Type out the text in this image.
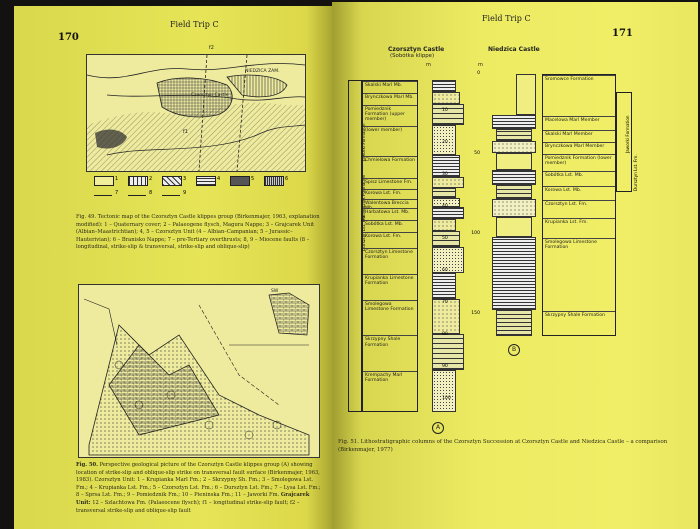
170
Field Trip C
NIEDZICA ZAM.
Czorsztyn Castle
f2
f1
1	2	3	4	5	6
7	8	9
Fig. 49. Tectonic map of the Czorsztyn Castle klippes group (Birkenmajer, 1963, explanation modified): 1 – Quaternary cover; 2 – Palaeogene flysch, Magura Nappe; 3 – Grajcarek Unit (Albian–Maastrichtian); 4, 5 – Czorsztyn Unit (4 – Albian–Campanian; 5 – Jurassic–Hauterivian); 6 – Branisko Nappe; 7 – pre-Tertiary overthrusts; 8, 9 – Miocene faults (8 – longitudinal, strike-slip & transversal, strike-slip and oblique-slip)
SW
Fig. 50. Perspective geological picture of the Czorsztyn Castle klippes group (A) showing location of strike-slip and oblique-slip strike on transversal fault surface (Birkenmajer, 1963, 1983). Czorsztyn Unit: 1 – Krupianka Marl Fm.; 2 – Skrzypny Sh. Fm.; 3 – Smolegowa Lst. Fm.; 4 – Krupianka Lst. Fm.; 5 – Czorsztyn Lst. Fm.; 6 – Dursztyn Lst. Fm.; 7 – Lysa Lst. Fm.; 8 – Sprsa Lst. Fm.; 9 – Pomiedznik Fm.; 10 – Pieninska Fm.; 11 – Jaworki Fm. Grajcarek Unit: 12 – Szlachtowa Fm. (Palaeocene flysch); f1 – longitudinal strike-slip fault; f2 – transversal strike-slip and oblique-slip fault
171
Field Trip C
Czorsztyn Castle
(Sobótka klippe)
Niedzica Castle
Jaworki Formation
Pomiedznik Formation
Dursztyn Lst. Fm.
Skalski Marl Mb.
Brynczkowa Marl Mb.
Pomiedznik Formation (upper member)
(lower member)
Chmielowa Formation
Spisz Limestone Fm.
Korowa Lst. Fm.
Walentowa Breccia Mb.
Harbatowa Lst. Mb.
Sobótka Lst. Mb.
Korowa Lst. Fm.
Czorsztyn Limestone Formation
Krupianka Limestone Formation
Smolegowa Limestone Formation
Skrzypny Shale Formation
Krempachy Marl Formation
10
20
30
40
50
60
70
80
90
100
m
A
0
50
100
150
m
Sromowce Formation
Macelowa Marl Member
Skalski Marl Member
Brynczkowa Marl Member
Pomiedznik Formation (lower member)
Sobótka Lst. Mb.
Korowa Lst. Mb.
Czorsztyn Lst. Fm.
Krupianka Lst. Fm.
Smolegowa Limestone Formation
Skrzypny Shale Formation
Jaworki Formation
Dursztyn Lst. Fm.
B
Fig. 51. Lithostratigraphic columns of the Czorsztyn Succession at Czorsztyn Castle and Niedzica Castle – a comparison (Birkenmajer, 1977)
